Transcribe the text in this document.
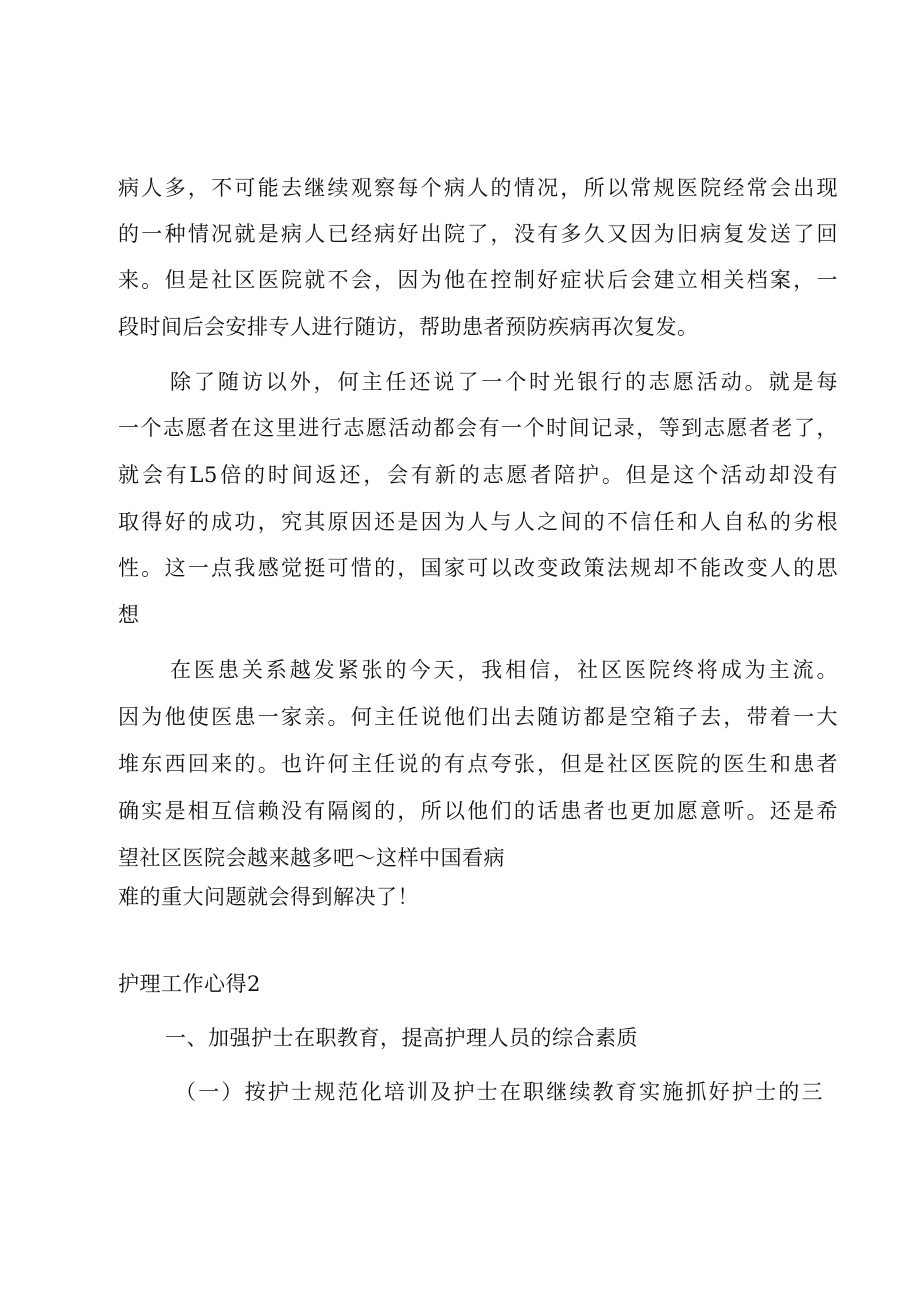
病人多，不可能去继续观察每个病人的情况，所以常规医院经常会出现
的一种情况就是病人已经病好出院了，没有多久又因为旧病复发送了回
来。但是社区医院就不会，因为他在控制好症状后会建立相关档案，一
段时间后会安排专人进行随访，帮助患者预防疾病再次复发。
除了随访以外，何主任还说了一个时光银行的志愿活动。就是每
一个志愿者在这里进行志愿活动都会有一个时间记录，等到志愿者老了，
就会有L5倍的时间返还，会有新的志愿者陪护。但是这个活动却没有
取得好的成功，究其原因还是因为人与人之间的不信任和人自私的劣根
性。这一点我感觉挺可惜的，国家可以改变政策法规却不能改变人的思
想
在医患关系越发紧张的今天，我相信，社区医院终将成为主流。
因为他使医患一家亲。何主任说他们出去随访都是空箱子去，带着一大
堆东西回来的。也许何主任说的有点夸张，但是社区医院的医生和患者
确实是相互信赖没有隔阂的，所以他们的话患者也更加愿意听。还是希
望社区医院会越来越多吧～这样中国看病
难的重大问题就会得到解决了！
护理工作心得2
一、加强护士在职教育，提高护理人员的综合素质
（一）按护士规范化培训及护士在职继续教育实施抓好护士的三
